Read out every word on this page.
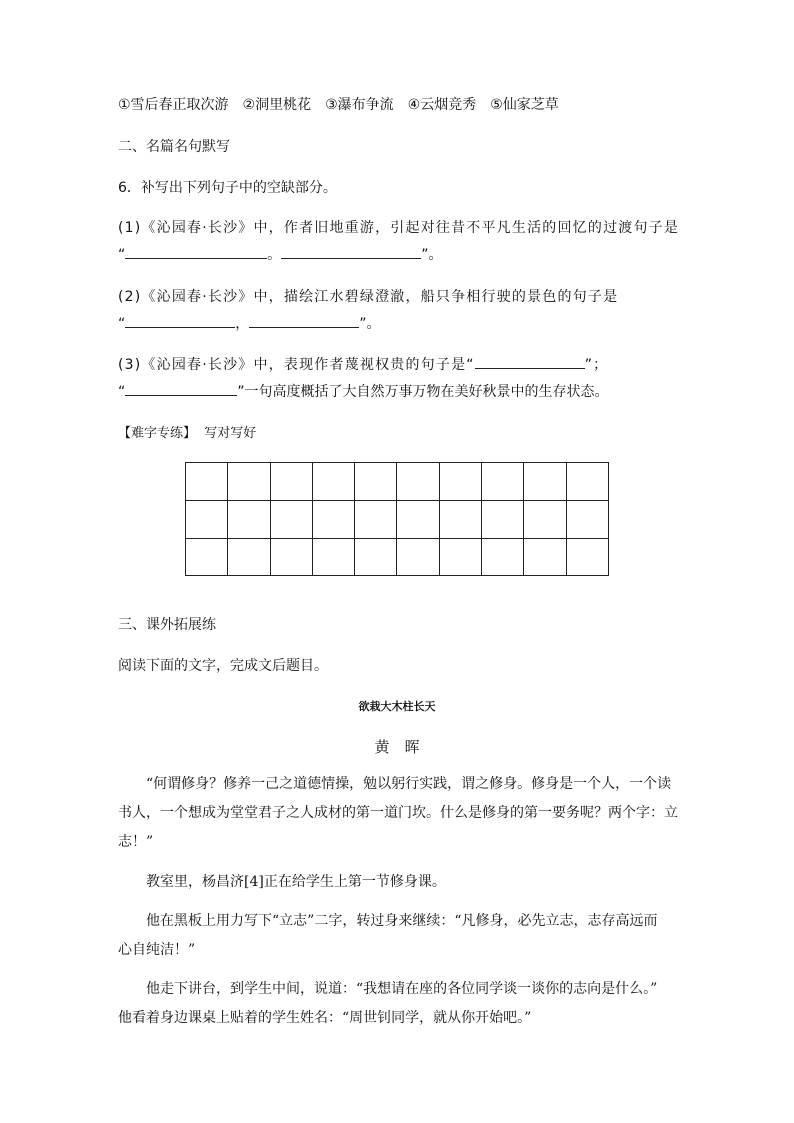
①雪后春正取次游　②洞里桃花　③瀑布争流　④云烟竞秀　⑤仙家芝草
二、名篇名句默写
6．补写出下列句子中的空缺部分。
(1)《沁园春·长沙》中，作者旧地重游，引起对往昔不平凡生活的回忆的过渡句子是
“	。	”。
(2)《沁园春·长沙》中，描绘江水碧绿澄澈，船只争相行驶的景色的句子是
“	，	”。
(3)《沁园春·长沙》中，表现作者蔑视权贵的句子是“	”；
“	”一句高度概括了大自然万事万物在美好秋景中的生存状态。
【难字专练】 写对写好

三、课外拓展练
阅读下面的文字，完成文后题目。
欲栽大木柱长天
黄　晖
“何谓修身？修养一己之道德情操，勉以躬行实践，谓之修身。修身是一个人，一个读
书人，一个想成为堂堂君子之人成材的第一道门坎。什么是修身的第一要务呢？两个字：立
志！”
教室里，杨昌济[4]正在给学生上第一节修身课。
他在黑板上用力写下“立志”二字，转过身来继续：“凡修身，必先立志，志存高远而
心自纯洁！”
他走下讲台，到学生中间，说道：“我想请在座的各位同学谈一谈你的志向是什么。”
他看着身边课桌上贴着的学生姓名：“周世钊同学，就从你开始吧。”
